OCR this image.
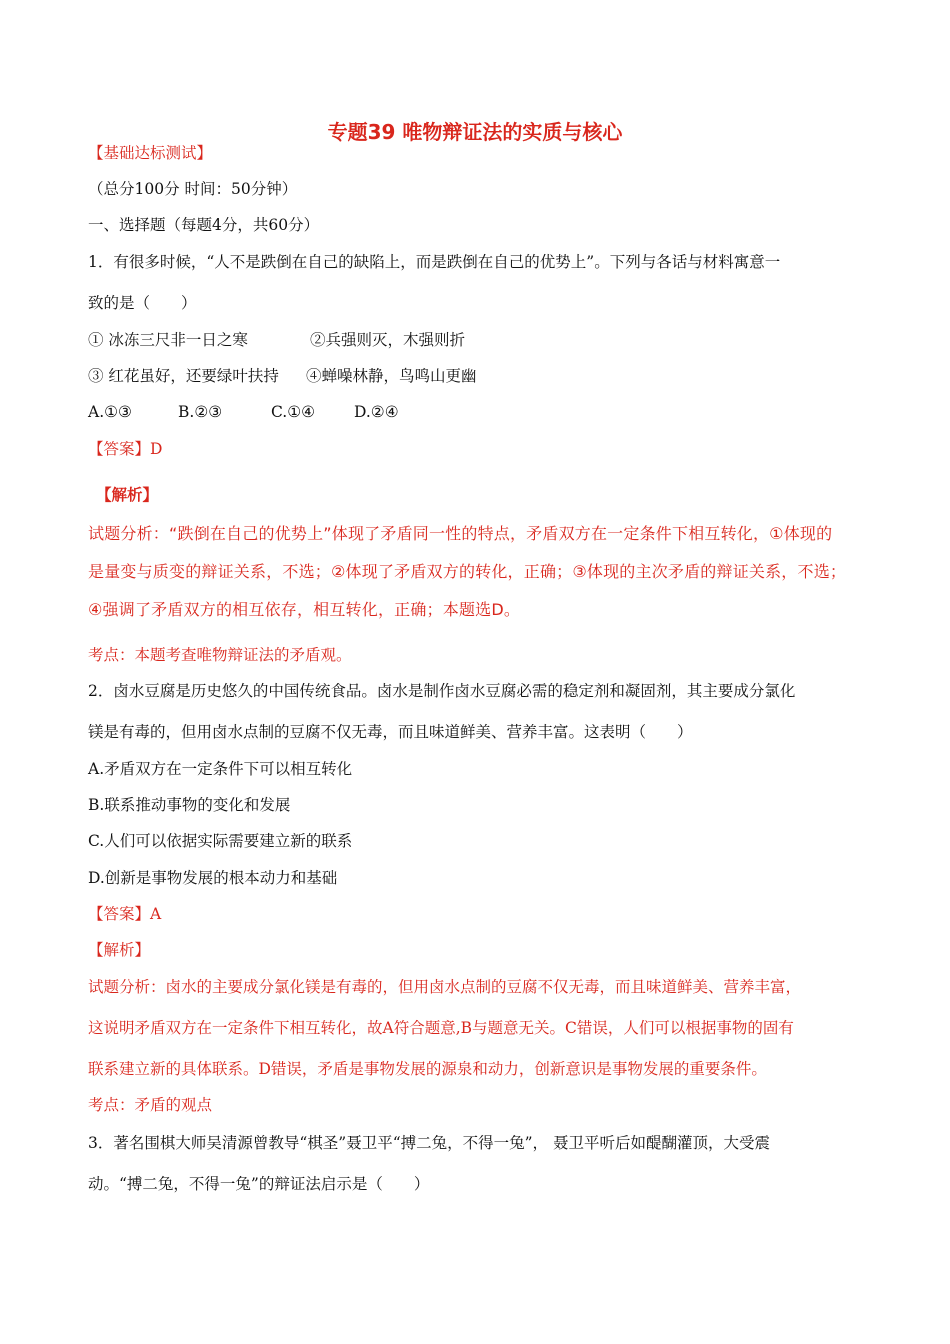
专题39 唯物辩证法的实质与核心
【基础达标测试】
（总分100分 时间：50分钟）
一、选择题（每题4分，共60分）
1．有很多时候，“人不是跌倒在自己的缺陷上，而是跌倒在自己的优势上”。下列与各话与材料寓意一
致的是（　　）
① 冰冻三尺非一日之寒	②兵强则灭，木强则折
③ 红花虽好，还要绿叶扶持 ④蝉噪林静，鸟鸣山更幽
A.①③	B.②③	C.①④	D.②④
【答案】D
【解析】
试题分析：“跌倒在自己的优势上”体现了矛盾同一性的特点，矛盾双方在一定条件下相互转化，①体现的
是量变与质变的辩证关系，不选；②体现了矛盾双方的转化，正确；③体现的主次矛盾的辩证关系，不选；
④强调了矛盾双方的相互依存，相互转化，正确；本题选D。
考点：本题考查唯物辩证法的矛盾观。
2．卤水豆腐是历史悠久的中国传统食品。卤水是制作卤水豆腐必需的稳定剂和凝固剂，其主要成分氯化
镁是有毒的，但用卤水点制的豆腐不仅无毒，而且味道鲜美、营养丰富。这表明（　　）
A.矛盾双方在一定条件下可以相互转化
B.联系推动事物的变化和发展
C.人们可以依据实际需要建立新的联系
D.创新是事物发展的根本动力和基础
【答案】A
【解析】
试题分析：卤水的主要成分氯化镁是有毒的，但用卤水点制的豆腐不仅无毒，而且味道鲜美、营养丰富，
这说明矛盾双方在一定条件下相互转化，故A符合题意,B与题意无关。C错误，人们可以根据事物的固有
联系建立新的具体联系。D错误，矛盾是事物发展的源泉和动力，创新意识是事物发展的重要条件。
考点：矛盾的观点
3．著名围棋大师吴清源曾教导“棋圣”聂卫平“搏二兔，不得一兔”， 聂卫平听后如醍醐灌顶，大受震
动。“搏二兔，不得一兔”的辩证法启示是（　　）
